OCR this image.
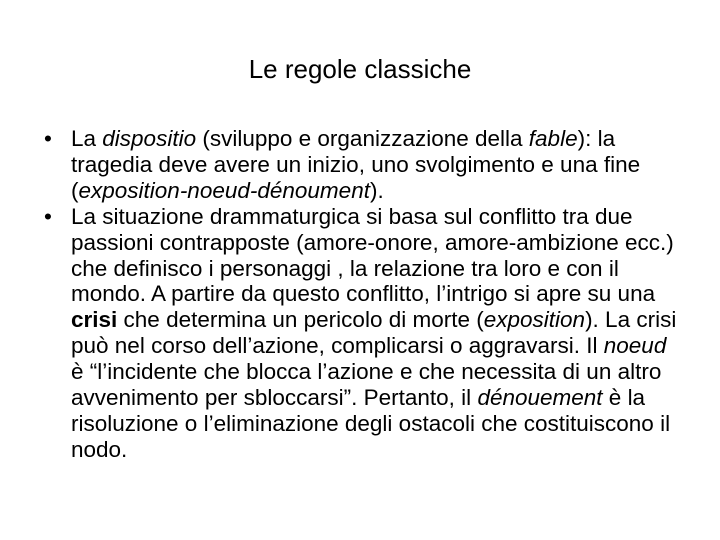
Le regole classiche
• La dispositio (sviluppo e organizzazione della fable): la tragedia deve avere un inizio, uno svolgimento e una fine (exposition-noeud-dénoument).
• La situazione drammaturgica si basa sul conflitto tra due passioni contrapposte (amore-onore, amore-ambizione ecc.) che definisco i personaggi , la relazione tra loro e con il mondo. A partire da questo conflitto, l’intrigo si apre su una crisi che determina un pericolo di morte (exposition). La crisi può nel corso dell’azione, complicarsi o aggravarsi. Il noeud è “l’incidente che blocca l’azione e che necessita di un altro avvenimento per sbloccarsi”. Pertanto, il dénouement è la risoluzione o l’eliminazione degli ostacoli che costituiscono il nodo.
